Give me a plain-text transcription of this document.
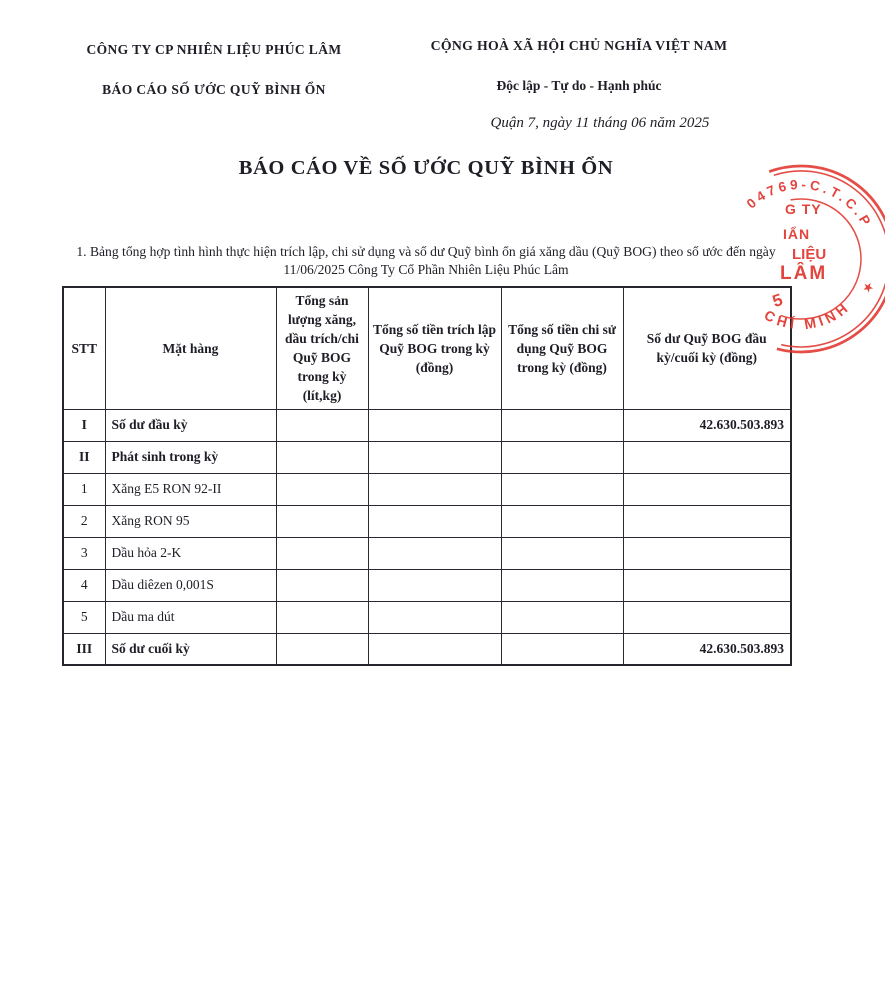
CÔNG TY CP NHIÊN LIỆU PHÚC LÂM
BÁO CÁO SỐ ƯỚC QUỸ BÌNH ỔN
CỘNG HOÀ XÃ HỘI CHỦ NGHĨA VIỆT NAM
Độc lập - Tự do - Hạnh phúc
Quận 7, ngày 11 tháng 06 năm 2025
BÁO CÁO VỀ SỐ ƯỚC QUỸ BÌNH ỔN
1. Bảng tổng hợp tình hình thực hiện trích lập, chi sử dụng và số dư Quỹ bình ổn giá xăng dầu (Quỹ BOG) theo số ước đến ngày 11/06/2025 Công Ty Cổ Phần Nhiên Liệu Phúc Lâm
STT	Mặt hàng	Tổng sản lượng xăng, dầu trích/chi Quỹ BOG trong kỳ (lít,kg)	Tổng số tiền trích lập Quỹ BOG trong kỳ (đồng)	Tổng số tiền chi sử dụng Quỹ BOG trong kỳ (đồng)	Số dư Quỹ BOG đầu kỳ/cuối kỳ (đồng)
I	Số dư đầu kỳ				42.630.503.893
II	Phát sinh trong kỳ				
1	Xăng E5 RON 92-II				
2	Xăng RON 95				
3	Dầu hỏa 2-K				
4	Dầu diêzen 0,001S				
5	Dầu ma dút				
III	Số dư cuối kỳ				42.630.503.893
04769-C.T.C.P
CHÍ MINH
★
G TY
IẨN
LIỆU
LÂM
5
